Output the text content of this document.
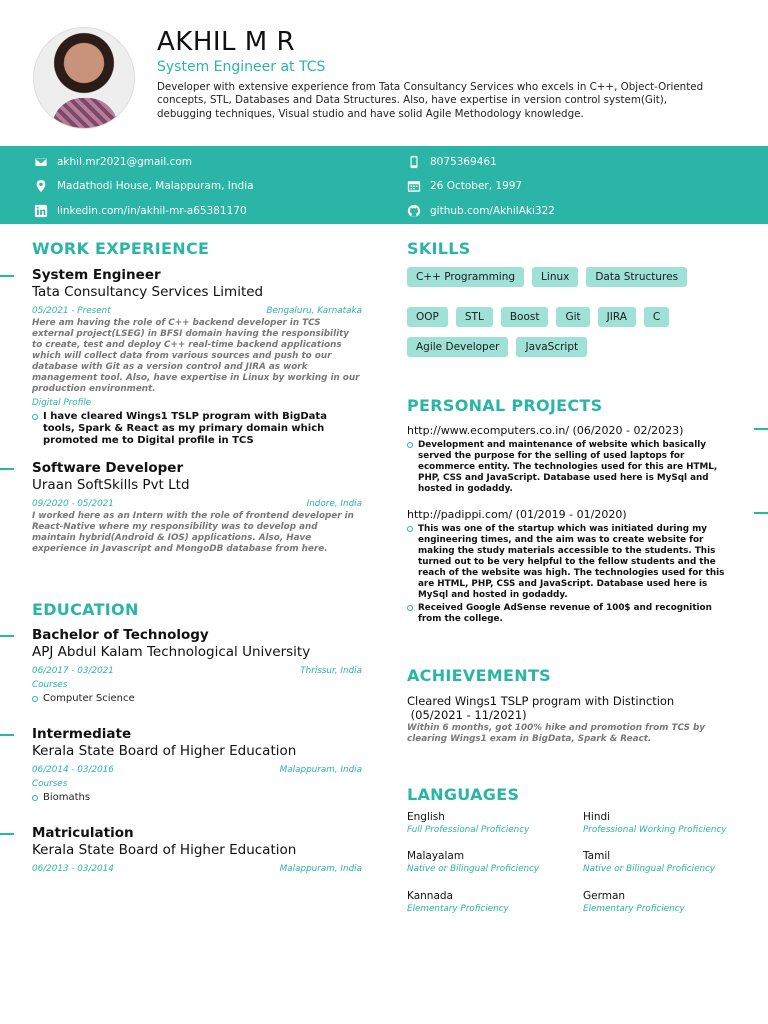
AKHIL M R
System Engineer at TCS
Developer with extensive experience from Tata Consultancy Services who excels in C++, Object-Oriented concepts, STL, Databases and Data Structures. Also, have expertise in version control system(Git), debugging techniques, Visual studio and have solid Agile Methodology knowledge.
akhil.mr2021@gmail.com
Madathodi House, Malappuram, India
linkedin.com/in/akhil-mr-a65381170
8075369461
26 October, 1997
github.com/AkhilAki322
WORK EXPERIENCE
System Engineer
Tata Consultancy Services Limited
05/2021 - Present	Bengaluru, Karnataka
Here am having the role of C++ backend developer in TCS external project(LSEG) in BFSI domain having the responsibility to create, test and deploy C++ real-time backend applications which will collect data from various sources and push to our database with Git as a version control and JIRA as work management tool. Also, have expertise in Linux by working in our production environment.
Digital Profile
I have cleared Wings1 TSLP program with BigData tools, Spark & React as my primary domain which promoted me to Digital profile in TCS
Software Developer
Uraan SoftSkills Pvt Ltd
09/2020 - 05/2021	Indore, India
I worked here as an Intern with the role of frontend developer in React-Native where my responsibility was to develop and maintain hybrid(Android & IOS) applications. Also, Have experience in Javascript and MongoDB database from here.
EDUCATION
Bachelor of Technology
APJ Abdul Kalam Technological University
06/2017 - 03/2021	Thrissur, India
Courses
Computer Science
Intermediate
Kerala State Board of Higher Education
06/2014 - 03/2016	Malappuram, India
Courses
Biomaths
Matriculation
Kerala State Board of Higher Education
06/2013 - 03/2014	Malappuram, India
SKILLS
C++ Programming	Linux	Data Structures
OOP	STL	Boost	Git	JIRA	C
Agile Developer	JavaScript
PERSONAL PROJECTS
http://www.ecomputers.co.in/ (06/2020 - 02/2023)
Development and maintenance of website which basically served the purpose for the selling of used laptops for ecommerce entity. The technologies used for this are HTML, PHP, CSS and JavaScript. Database used here is MySql and hosted in godaddy.
http://padippi.com/ (01/2019 - 01/2020)
This was one of the startup which was initiated during my engineering times, and the aim was to create website for making the study materials accessible to the students. This turned out to be very helpful to the fellow students and the reach of the website was high. The technologies used for this are HTML, PHP, CSS and JavaScript. Database used here is MySql and hosted in godaddy.
Received Google AdSense revenue of 100$ and recognition from the college.
ACHIEVEMENTS
Cleared Wings1 TSLP program with Distinction
(05/2021 - 11/2021)
Within 6 months, got 100% hike and promotion from TCS by clearing Wings1 exam in BigData, Spark & React.
LANGUAGES
English
Full Professional Proficiency
Hindi
Professional Working Proficiency
Malayalam
Native or Bilingual Proficiency
Tamil
Native or Bilingual Proficiency
Kannada
Elementary Proficiency
German
Elementary Proficiency
